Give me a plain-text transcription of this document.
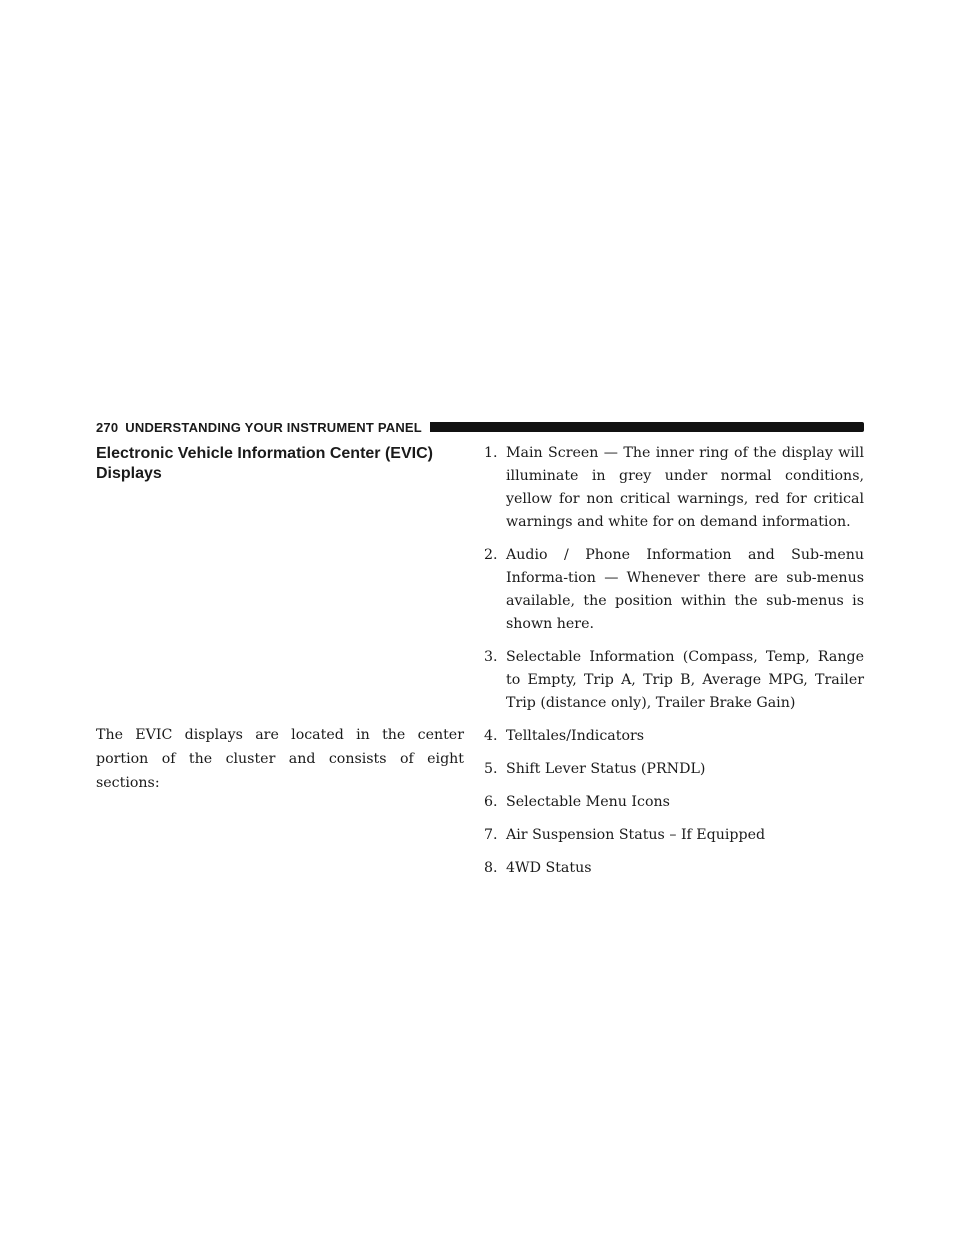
270 UNDERSTANDING YOUR INSTRUMENT PANEL
Electronic Vehicle Information Center (EVIC) Displays

The EVIC displays are located in the center portion of the cluster and consists of eight sections:

1. Main Screen — The inner ring of the display will illuminate in grey under normal conditions, yellow for non critical warnings, red for critical warnings and white for on demand information.
2. Audio / Phone Information and Sub-menu Informa-tion — Whenever there are sub-menus available, the position within the sub-menus is shown here.
3. Selectable Information (Compass, Temp, Range to Empty, Trip A, Trip B, Average MPG, Trailer Trip (distance only), Trailer Brake Gain)
4. Telltales/Indicators
5. Shift Lever Status (PRNDL)
6. Selectable Menu Icons
7. Air Suspension Status – If Equipped
8. 4WD Status
